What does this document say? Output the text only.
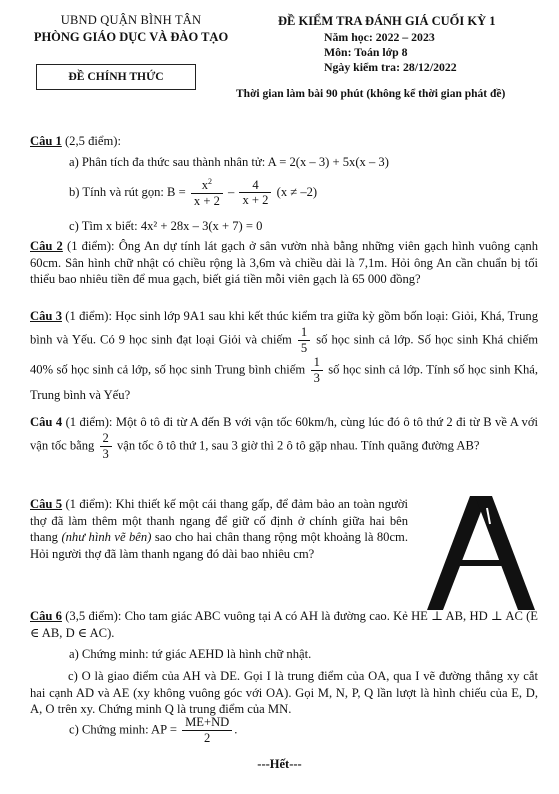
UBND QUẬN BÌNH TÂN
PHÒNG GIÁO DỤC VÀ ĐÀO TẠO
ĐỀ CHÍNH THỨC
ĐỀ KIỂM TRA ĐÁNH GIÁ CUỐI KỲ 1
Năm học: 2022 – 2023
Môn: Toán lớp 8
Ngày kiểm tra: 28/12/2022
Thời gian làm bài 90 phút (không kể thời gian phát đề)
Câu 1 (2,5 điểm):
a) Phân tích đa thức sau thành nhân tử: A = 2(x – 3) + 5x(x – 3)
b) Tính và rút gọn: $B = \frac{x^2}{x + 2} - \frac{4}{x + 2} (x \ne -2)$
c) Tìm x biết: 4x² + 28x – 3(x + 7) = 0
Câu 2 (1 điểm): Ông An dự tính lát gạch ở sân vườn nhà bằng những viên gạch hình vuông cạnh 60cm. Sân hình chữ nhật có chiều rộng là 3,6m và chiều dài là 7,1m. Hỏi ông An cần chuẩn bị tối thiểu bao nhiêu tiền để mua gạch, biết giá tiền mỗi viên gạch là 65 000 đồng?
Câu 3 (1 điểm): Học sinh lớp 9A1 sau khi kết thúc kiểm tra giữa kỳ gồm bốn loại: Giỏi, Khá, Trung bình và Yếu. Có 9 học sinh đạt loại Giỏi và chiếm $\frac{1}{5}$ số học sinh cả lớp. Số học sinh Khá chiếm 40% số học sinh cả lớp, số học sinh Trung bình chiếm $\frac{1}{3}$ số học sinh cả lớp. Tính số học sinh Khá, Trung bình và Yếu?
Câu 4 (1 điểm): Một ô tô đi từ A đến B với vận tốc 60km/h, cùng lúc đó ô tô thứ 2 đi từ B về A với vận tốc bằng $\frac{2}{3}$ vận tốc ô tô thứ 1, sau 3 giờ thì 2 ô tô gặp nhau. Tính quãng đường AB?
Câu 5 (1 điểm): Khi thiết kế một cái thang gấp, để đảm bảo an toàn người thợ đã làm thêm một thanh ngang để giữ cố định ở chính giữa hai bên thang (như hình vẽ bên) sao cho hai chân thang rộng một khoảng là 80cm. Hỏi người thợ đã làm thanh ngang đó dài bao nhiêu cm?
Câu 6 (3,5 điểm): Cho tam giác ABC vuông tại A có AH là đường cao. Kẻ HE ⊥ AB, HD ⊥ AC (E ∈ AB, D ∈ AC).
a) Chứng minh: tứ giác AEHD là hình chữ nhật.
c) O là giao điểm của AH và DE. Gọi I là trung điểm của OA, qua I vẽ đường thẳng xy cắt hai cạnh AD và AE (xy không vuông góc với OA). Gọi M, N, P, Q lần lượt là hình chiếu của E, D, A, O trên xy. Chứng minh Q là trung điểm của MN.
c) Chứng minh: AP = $\frac{ME+ND}{2}$ .
---Hết---
